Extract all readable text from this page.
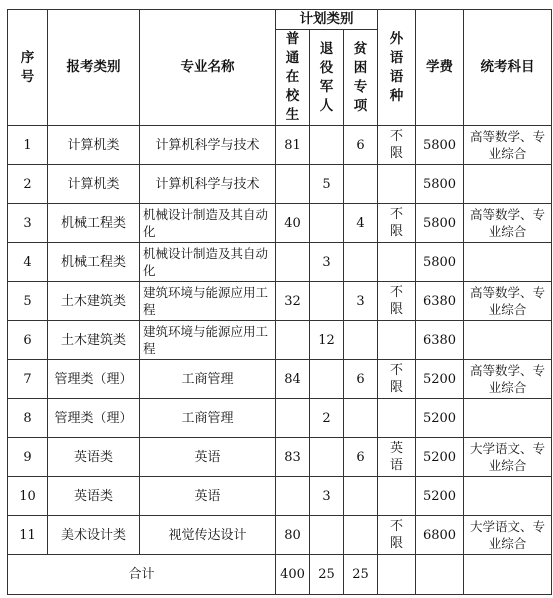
序号	报考类别	专业名称	计划类别			外语语种	学费	统考科目

			普通在校生	退役军人	贫困专项			

1	计算机类	计算机科学与技术	81		6	不限	5800	高等数学、专业综合

2	计算机类	计算机科学与技术		5			5800	

3	机械工程类	机械设计制造及其自动化	40		4	不限	5800	高等数学、专业综合

4	机械工程类	机械设计制造及其自动化		3			5800	

5	土木建筑类	建筑环境与能源应用工程	32		3	不限	6380	高等数学、专业综合

6	土木建筑类	建筑环境与能源应用工程		12			6380	

7	管理类（理）	工商管理	84		6	不限	5200	高等数学、专业综合

8	管理类（理）	工商管理		2			5200	

9	英语类	英语	83		6	英语	5200	大学语文、专业综合

10	英语类	英语		3			5200	

11	美术设计类	视觉传达设计	80			不限	6800	大学语文、专业综合

合计			400	25	25			
